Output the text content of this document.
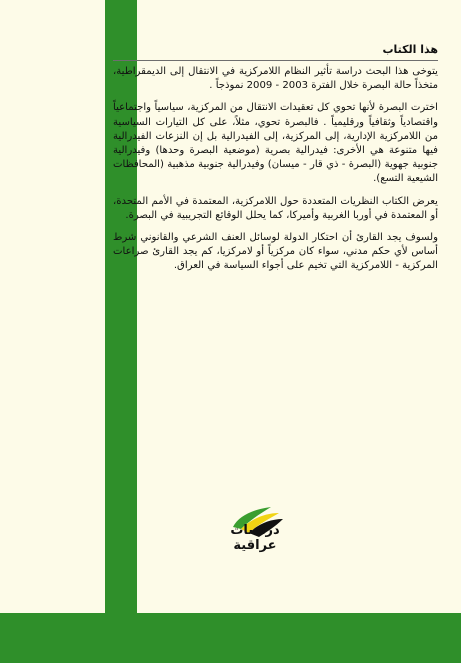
هذا الكتاب

يتوخى هذا البحث دراسة تأثير النظام اللامركزية في الانتقال إلى الديمقراطية، متخذاً حالة البصرة خلال الفترة 2003 - 2009 نموذجاً .

اخترت البصرة لأنها تحوي كل تعقيدات الانتقال من المركزية، سياسياً واجتماعياً واقتصادياً وثقافياً ورقليمياً . فالبصرة تحوي، مثلاً، على كل التيارات السياسية من اللامركزية الإدارية، إلى المركزية، إلى الفيدرالية بل إن النزعات الفيدرالية فيها متنوعة هي الأخرى: فيدرالية بصرية (موضعية البصرة وحدها) وفيدرالية جنوبية جهوية (البصرة - ذي قار - ميسان) وفيدرالية جنوبية مذهبية (المحافظات الشيعية التسع).

يعرض الكتاب النظريات المتعددة حول اللامركزية، المعتمدة في الأمم المتحدة، أو المعتمدة في أوربا الغربية وأميركا، كما يحلل الوقائع التجريبية في البصرة.

ولسوف يجد القارئ أن احتكار الدولة لوسائل العنف الشرعي والقانوني شرط أساس لأي حكم مدني، سواء كان مركزياً أو لامركزيا، كم يجد القارئ صراعات المركزية - اللامركزية التي تخيم على أجواء السياسة في العراق.

دراسات
عراقية
